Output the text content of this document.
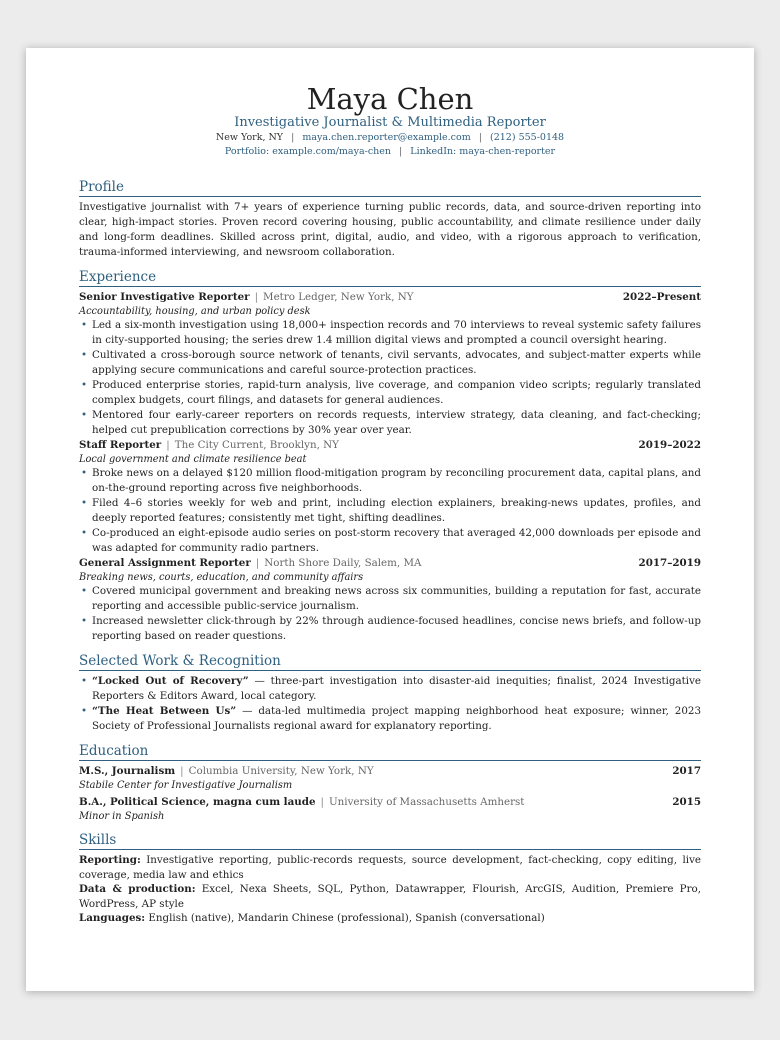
Maya Chen
Investigative Journalist & Multimedia Reporter
New York, NY | maya.chen.reporter@example.com | (212) 555-0148
Portfolio: example.com/maya-chen | LinkedIn: maya-chen-reporter
Profile

Investigative journalist with 7+ years of experience turning public records, data, and source-driven reporting into clear, high-impact stories. Proven record covering housing, public accountability, and climate resilience under daily and long-form deadlines. Skilled across print, digital, audio, and video, with a rigorous approach to verification, trauma-informed interviewing, and newsroom collaboration.

Experience
Senior Investigative Reporter | Metro Ledger, New York, NY	2022–Present

Accountability, housing, and urban policy desk

• Led a six-month investigation using 18,000+ inspection records and 70 interviews to reveal systemic safety failures in city-supported housing; the series drew 1.4 million digital views and prompted a council oversight hearing.
• Cultivated a cross-borough source network of tenants, civil servants, advocates, and subject-matter experts while applying secure communications and careful source-protection practices.
• Produced enterprise stories, rapid-turn analysis, live coverage, and companion video scripts; regularly translated complex budgets, court filings, and datasets for general audiences.
• Mentored four early-career reporters on records requests, interview strategy, data cleaning, and fact-checking; helped cut prepublication corrections by 30% year over year.
Staff Reporter | The City Current, Brooklyn, NY	2019–2022

Local government and climate resilience beat

• Broke news on a delayed $120 million flood-mitigation program by reconciling procurement data, capital plans, and on-the-ground reporting across five neighborhoods.
• Filed 4–6 stories weekly for web and print, including election explainers, breaking-news updates, profiles, and deeply reported features; consistently met tight, shifting deadlines.
• Co-produced an eight-episode audio series on post-storm recovery that averaged 42,000 downloads per episode and was adapted for community radio partners.
General Assignment Reporter | North Shore Daily, Salem, MA	2017–2019

Breaking news, courts, education, and community affairs

• Covered municipal government and breaking news across six communities, building a reputation for fast, accurate reporting and accessible public-service journalism.
• Increased newsletter click-through by 22% through audience-focused headlines, concise news briefs, and follow-up reporting based on reader questions.
Selected Work & Recognition
• “Locked Out of Recovery” — three-part investigation into disaster-aid inequities; finalist, 2024 Investigative Reporters & Editors Award, local category.
• “The Heat Between Us” — data-led multimedia project mapping neighborhood heat exposure; winner, 2023 Society of Professional Journalists regional award for explanatory reporting.
Education
M.S., Journalism | Columbia University, New York, NY	2017

Stabile Center for Investigative Journalism

B.A., Political Science, magna cum laude | University of Massachusetts Amherst	2015

Minor in Spanish

Skills

Reporting: Investigative reporting, public-records requests, source development, fact-checking, copy editing, live coverage, media law and ethics

Data & production: Excel, Nexa Sheets, SQL, Python, Datawrapper, Flourish, ArcGIS, Audition, Premiere Pro, WordPress, AP style

Languages: English (native), Mandarin Chinese (professional), Spanish (conversational)
